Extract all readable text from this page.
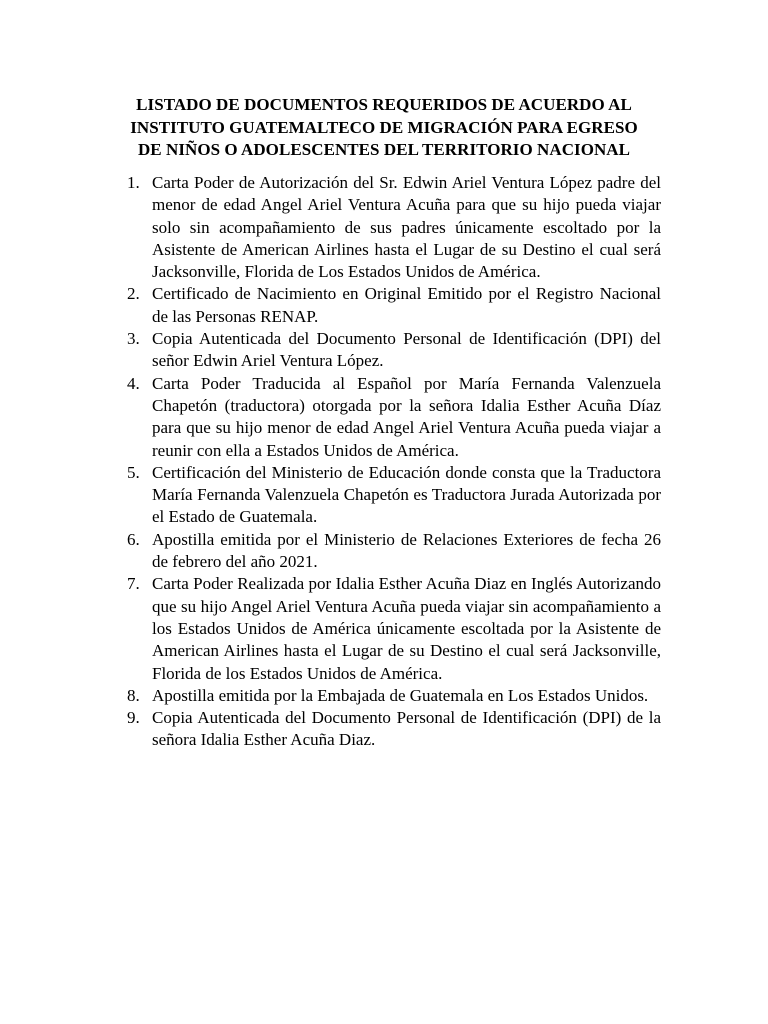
LISTADO DE DOCUMENTOS REQUERIDOS DE ACUERDO AL
INSTITUTO GUATEMALTECO DE MIGRACIÓN PARA EGRESO
DE NIÑOS O ADOLESCENTES DEL TERRITORIO NACIONAL
1. Carta Poder de Autorización del Sr. Edwin Ariel Ventura López padre del menor de edad Angel Ariel Ventura Acuña para que su hijo pueda viajar solo sin acompañamiento de sus padres únicamente escoltado por la Asistente de American Airlines hasta el Lugar de su Destino el cual será Jacksonville, Florida de Los Estados Unidos de América.
2. Certificado de Nacimiento en Original Emitido por el Registro Nacional de las Personas RENAP.
3. Copia Autenticada del Documento Personal de Identificación (DPI) del señor Edwin Ariel Ventura López.
4. Carta Poder Traducida al Español por María Fernanda Valenzuela Chapetón (traductora) otorgada por la señora Idalia Esther Acuña Díaz para que su hijo menor de edad Angel Ariel Ventura Acuña pueda viajar a reunir con ella a Estados Unidos de América.
5. Certificación del Ministerio de Educación donde consta que la Traductora María Fernanda Valenzuela Chapetón es Traductora Jurada Autorizada por el Estado de Guatemala.
6. Apostilla emitida por el Ministerio de Relaciones Exteriores de fecha 26 de febrero del año 2021.
7. Carta Poder Realizada por Idalia Esther Acuña Diaz en Inglés Autorizando que su hijo Angel Ariel Ventura Acuña pueda viajar sin acompañamiento a los Estados Unidos de América únicamente escoltada por la Asistente de American Airlines hasta el Lugar de su Destino el cual será Jacksonville, Florida de los Estados Unidos de América.
8. Apostilla emitida por la Embajada de Guatemala en Los Estados Unidos.
9. Copia Autenticada del Documento Personal de Identificación (DPI) de la señora Idalia Esther Acuña Diaz.
